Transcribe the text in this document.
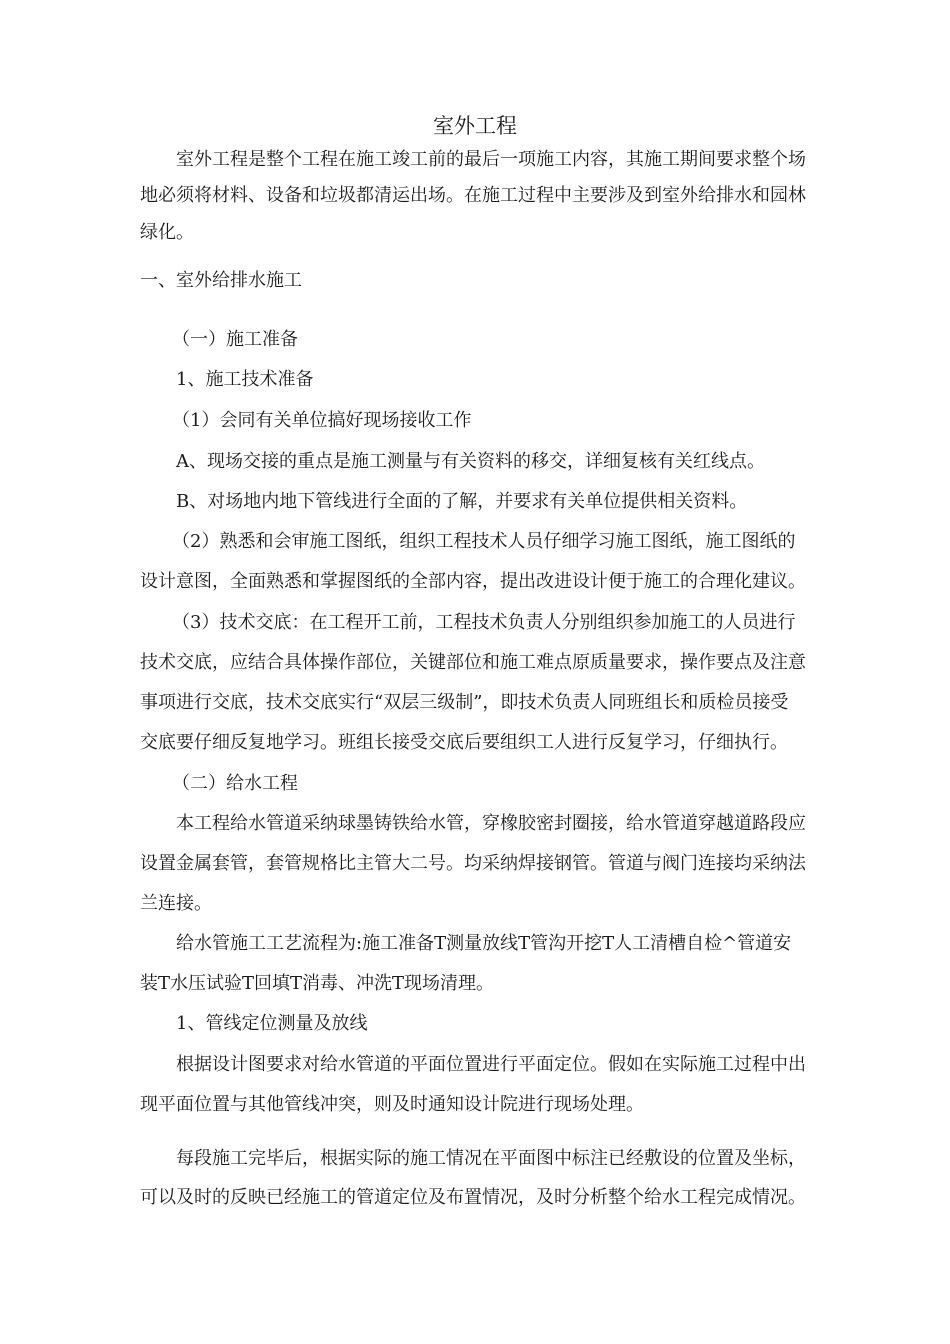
室外工程

室外工程是整个工程在施工竣工前的最后一项施工内容，其施工期间要求整个场

地必须将材料、设备和垃圾都清运出场。在施工过程中主要涉及到室外给排水和园林

绿化。

一、室外给排水施工

（一）施工准备

1、施工技术准备

（1）会同有关单位搞好现场接收工作

A、现场交接的重点是施工测量与有关资料的移交，详细复核有关红线点。

B、对场地内地下管线进行全面的了解，并要求有关单位提供相关资料。

（2）熟悉和会审施工图纸，组织工程技术人员仔细学习施工图纸，施工图纸的

设计意图，全面熟悉和掌握图纸的全部内容，提出改进设计便于施工的合理化建议。

（3）技术交底：在工程开工前，工程技术负责人分别组织参加施工的人员进行

技术交底，应结合具体操作部位，关键部位和施工难点原质量要求，操作要点及注意

事项进行交底，技术交底实行“双层三级制”，即技术负责人同班组长和质检员接受

交底要仔细反复地学习。班组长接受交底后要组织工人进行反复学习，仔细执行。

（二）给水工程

本工程给水管道采纳球墨铸铁给水管，穿橡胶密封圈接，给水管道穿越道路段应

设置金属套管，套管规格比主管大二号。均采纳焊接钢管。管道与阀门连接均采纳法

兰连接。

给水管施工工艺流程为:施工准备T测量放线T管沟开挖T人工清槽自检^管道安

装T水压试验T回填T消毒、冲洗T现场清理。

1、管线定位测量及放线

根据设计图要求对给水管道的平面位置进行平面定位。假如在实际施工过程中出

现平面位置与其他管线冲突，则及时通知设计院进行现场处理。

每段施工完毕后，根据实际的施工情况在平面图中标注已经敷设的位置及坐标，

可以及时的反映已经施工的管道定位及布置情况，及时分析整个给水工程完成情况。
